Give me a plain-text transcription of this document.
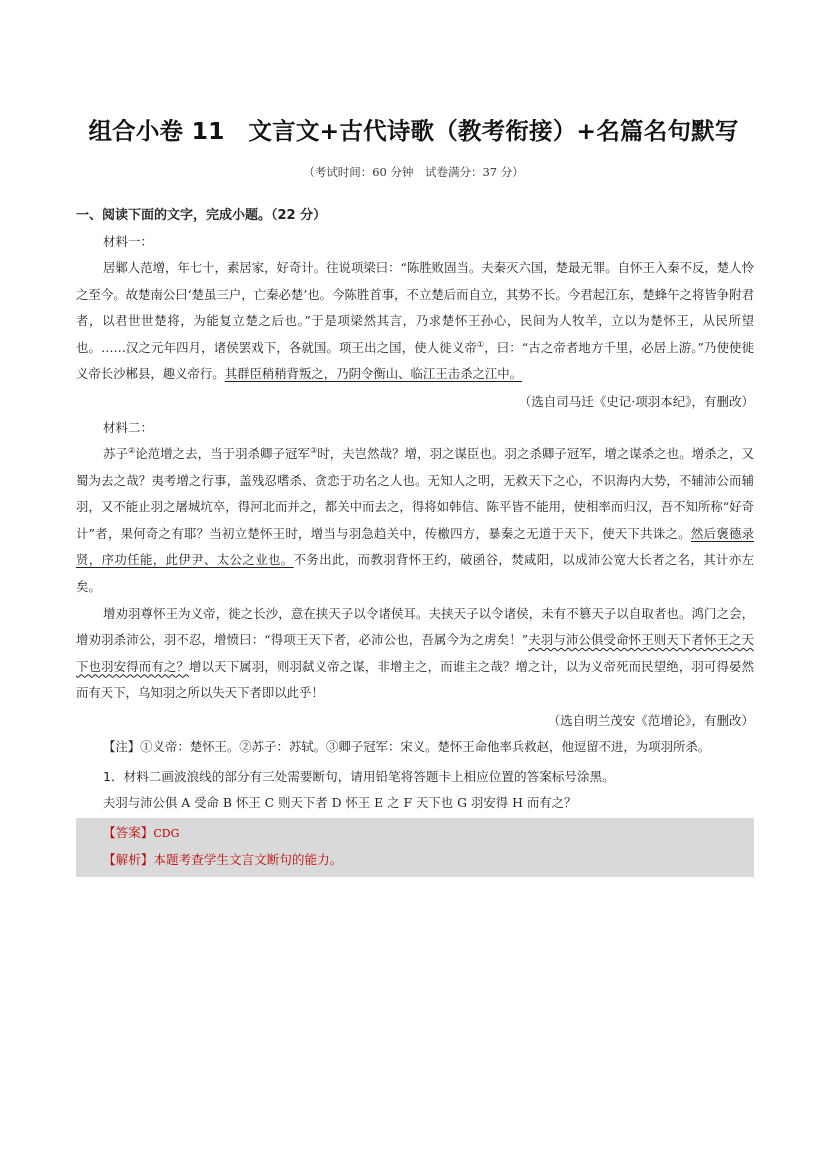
组合小卷 11　文言文+古代诗歌（教考衔接）+名篇名句默写
（考试时间：60 分钟　试卷满分：37 分）

一、阅读下面的文字，完成小题。（22 分）

材料一：

居鄛人范增，年七十，素居家，好奇计。往说项梁曰：“陈胜败固当。夫秦灭六国，楚最无罪。自怀王入秦不反，楚人怜之至今。故楚南公曰‘楚虽三户，亡秦必楚’也。今陈胜首事，不立楚后而自立，其势不长。今君起江东，楚蜂午之将皆争附君者，以君世世楚将，为能复立楚之后也。”于是项梁然其言，乃求楚怀王孙心，民间为人牧羊，立以为楚怀王，从民所望也。……汉之元年四月，诸侯罢戏下，各就国。项王出之国，使人徙义帝①，曰：“古之帝者地方千里，必居上游。”乃使使徙义帝长沙郴县，趣义帝行。其群臣稍稍背叛之，乃阴令衡山、临江王击杀之江中。

（选自司马迁《史记·项羽本纪》，有删改）

材料二：

苏子②论范增之去，当于羽杀卿子冠军③时，夫岂然哉？增，羽之谋臣也。羽之杀卿子冠军，增之谋杀之也。增杀之，又蜀为去之哉？夷考增之行事，盖残忍嗜杀、贪恋于功名之人也。无知人之明，无救天下之心，不识海内大势，不辅沛公而辅羽，又不能止羽之屠城坑卒，得河北而并之，都关中而去之，得将如韩信、陈平皆不能用，使相率而归汉，吾不知所称“好奇计”者，果何奇之有耶？当初立楚怀王时，增当与羽急趋关中，传檄四方，暴秦之无道于天下，使天下共诛之。然后褒德录贤，序功任能，此伊尹、太公之业也。不务出此，而教羽背怀王约，破函谷，焚咸阳，以成沛公宽大长者之名，其计亦左矣。

增劝羽尊怀王为义帝，徙之长沙，意在挟天子以令诸侯耳。夫挟天子以令诸侯，未有不篡天子以自取者也。鸿门之会，增劝羽杀沛公，羽不忍，增愤曰：“得项王天下者，必沛公也，吾属今为之虏矣！”夫羽与沛公俱受命怀王则天下者怀王之天下也羽安得而有之？增以天下属羽，则羽弑义帝之谋，非增主之，而谁主之哉？增之计，以为义帝死而民望绝，羽可得晏然而有天下，乌知羽之所以失天下者即以此乎！

（选自明兰茂安《范增论》，有删改）

【注】①义帝：楚怀王。②苏子：苏轼。③卿子冠军：宋义。楚怀王命他率兵救赵，他逗留不进，为项羽所杀。

1．材料二画波浪线的部分有三处需要断句，请用铅笔将答题卡上相应位置的答案标号涂黑。

夫羽与沛公俱 A 受命 B 怀王 C 则天下者 D 怀王 E 之 F 天下也 G 羽安得 H 而有之？

【答案】CDG

【解析】本题考查学生文言文断句的能力。
